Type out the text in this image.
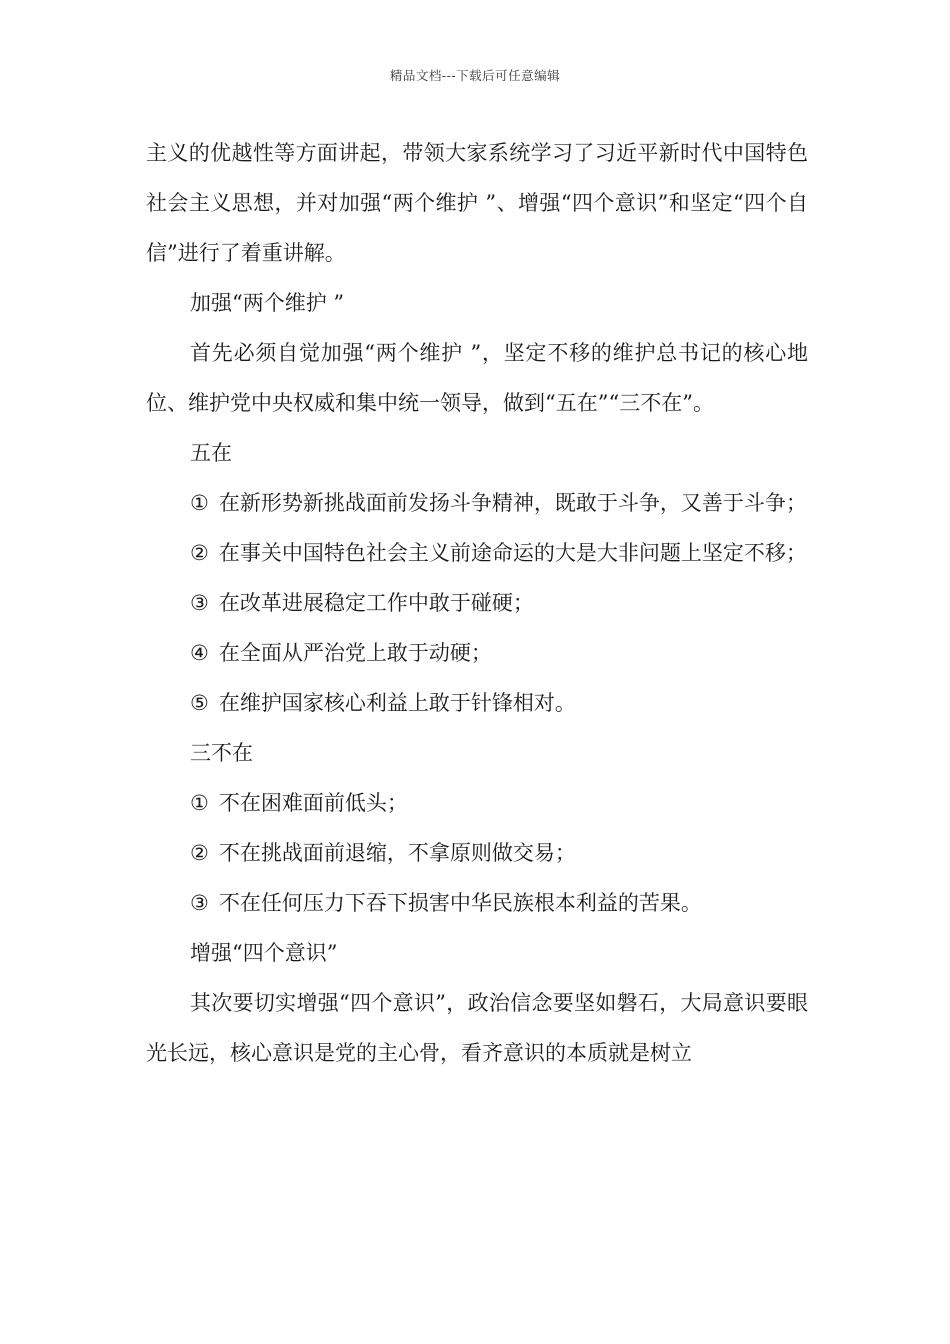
精品文档---下载后可任意编辑

主义的优越性等方面讲起，带领大家系统学习了习近平新时代中国特色社会主义思想，并对加强“两个维护 ”、增强“四个意识”和坚定“四个自信”进行了着重讲解。

加强“两个维护 ”

首先必须自觉加强“两个维护 ”，坚定不移的维护总书记的核心地位、维护党中央权威和集中统一领导，做到“五在”“三不在”。

五在

① 在新形势新挑战面前发扬斗争精神，既敢于斗争，又善于斗争；

② 在事关中国特色社会主义前途命运的大是大非问题上坚定不移；

③ 在改革进展稳定工作中敢于碰硬；

④ 在全面从严治党上敢于动硬；

⑤ 在维护国家核心利益上敢于针锋相对。

三不在

① 不在困难面前低头；

② 不在挑战面前退缩，不拿原则做交易；

③ 不在任何压力下吞下损害中华民族根本利益的苦果。

增强“四个意识”

其次要切实增强“四个意识”，政治信念要坚如磐石，大局意识要眼光长远，核心意识是党的主心骨，看齐意识的本质就是树立
